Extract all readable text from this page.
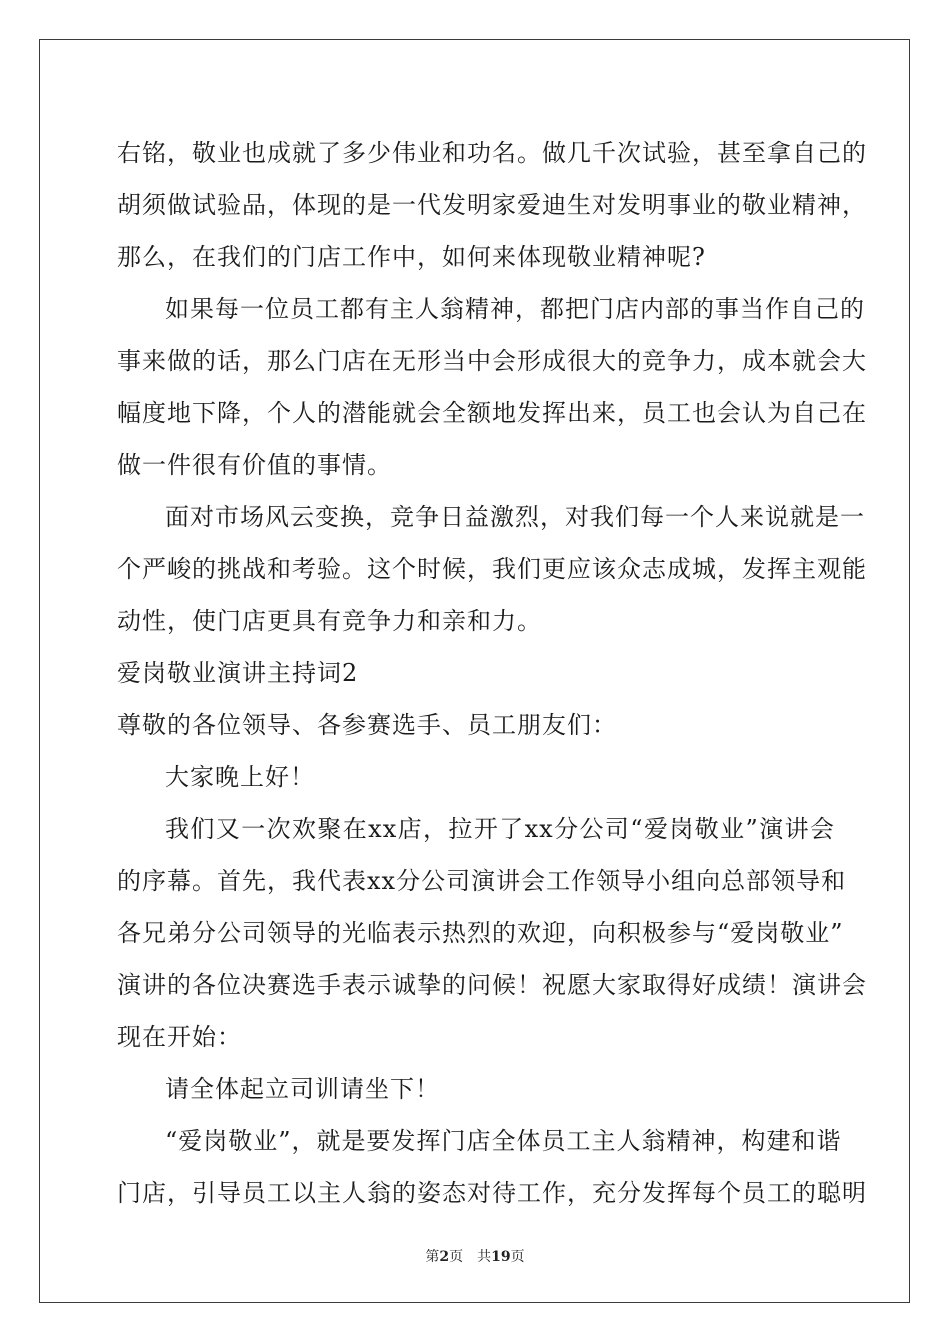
右铭，敬业也成就了多少伟业和功名。做几千次试验，甚至拿自己的
胡须做试验品，体现的是一代发明家爱迪生对发明事业的敬业精神，
那么，在我们的门店工作中，如何来体现敬业精神呢?
如果每一位员工都有主人翁精神，都把门店内部的事当作自己的
事来做的话，那么门店在无形当中会形成很大的竞争力，成本就会大
幅度地下降，个人的潜能就会全额地发挥出来，员工也会认为自己在
做一件很有价值的事情。
面对市场风云变换，竞争日益激烈，对我们每一个人来说就是一
个严峻的挑战和考验。这个时候，我们更应该众志成城，发挥主观能
动性，使门店更具有竞争力和亲和力。
爱岗敬业演讲主持词2
尊敬的各位领导、各参赛选手、员工朋友们：
大家晚上好！
我们又一次欢聚在xx店，拉开了xx分公司“爱岗敬业”演讲会
的序幕。首先，我代表xx分公司演讲会工作领导小组向总部领导和
各兄弟分公司领导的光临表示热烈的欢迎，向积极参与“爱岗敬业”
演讲的各位决赛选手表示诚挚的问候！祝愿大家取得好成绩！演讲会
现在开始：
请全体起立司训请坐下！
“爱岗敬业”，就是要发挥门店全体员工主人翁精神，构建和谐
门店，引导员工以主人翁的姿态对待工作，充分发挥每个员工的聪明
第2页 共19页
